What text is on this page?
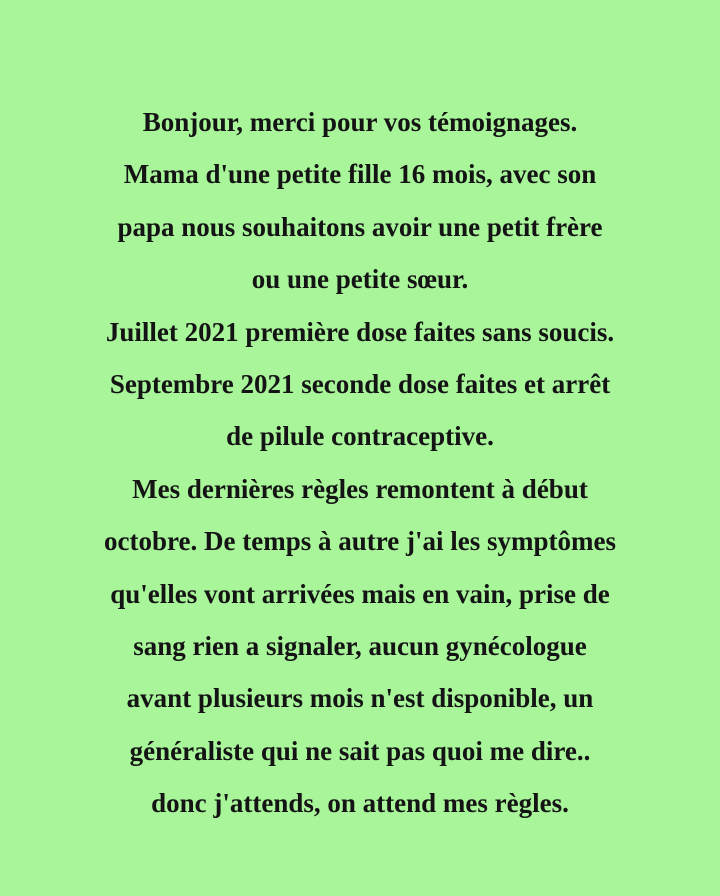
Bonjour, merci pour vos témoignages.
Mama d'une petite fille 16 mois, avec son
papa nous souhaitons avoir une petit frère
ou une petite sœur.
Juillet 2021 première dose faites sans soucis.
Septembre 2021 seconde dose faites et arrêt
de pilule contraceptive.
Mes dernières règles remontent à début
octobre. De temps à autre j'ai les symptômes
qu'elles vont arrivées mais en vain, prise de
sang rien a signaler, aucun gynécologue
avant plusieurs mois n'est disponible, un
généraliste qui ne sait pas quoi me dire..
donc j'attends, on attend mes règles.
